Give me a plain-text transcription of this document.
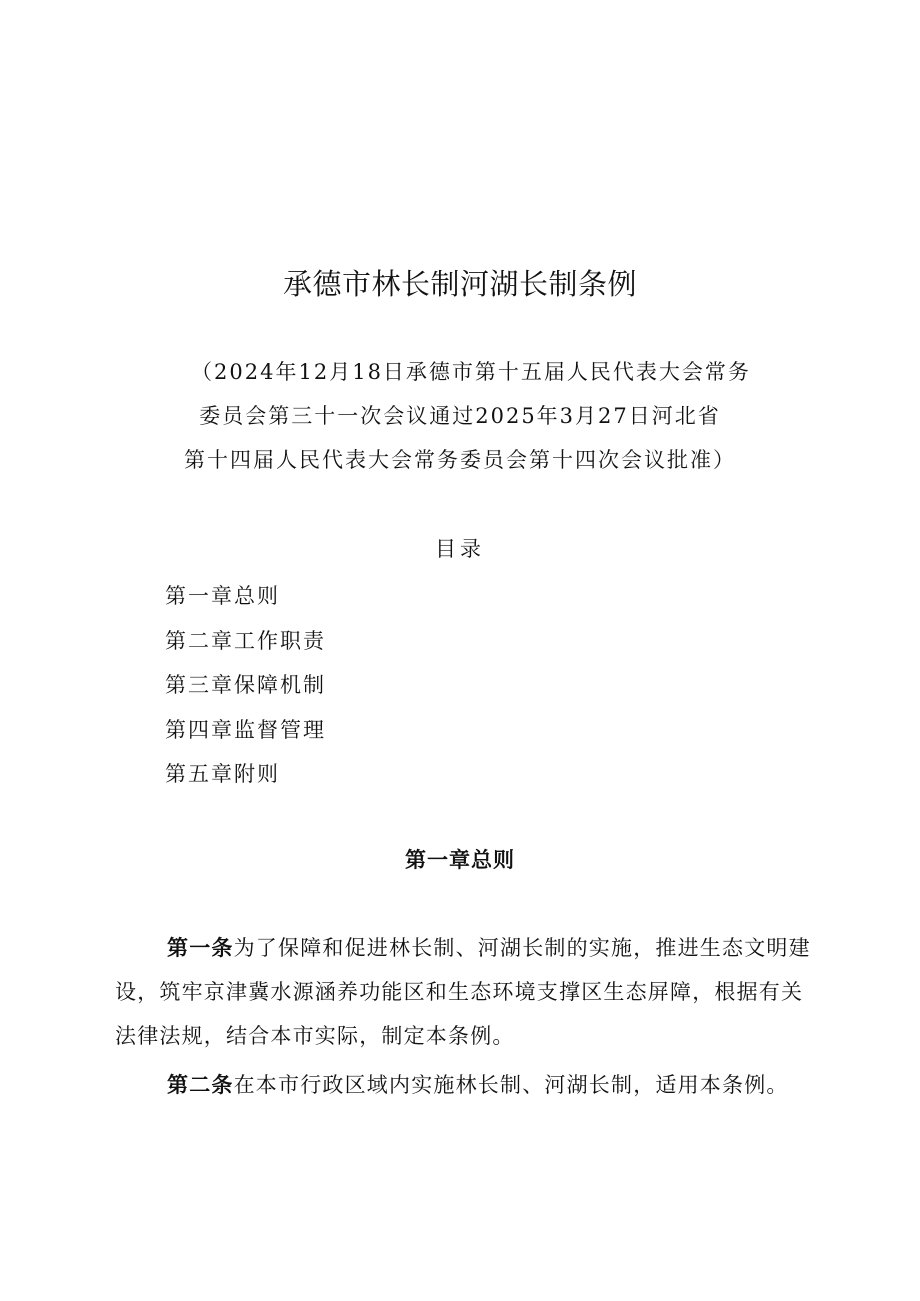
承德市林长制河湖长制条例
（2024年12月18日承德市第十五届人民代表大会常务
委员会第三十一次会议通过2025年3月27日河北省
第十四届人民代表大会常务委员会第十四次会议批准）
目录
第一章总则
第二章工作职责
第三章保障机制
第四章监督管理
第五章附则
第一章总则

第一条为了保障和促进林长制、河湖长制的实施，推进生态文明建设，筑牢京津冀水源涵养功能区和生态环境支撑区生态屏障，根据有关法律法规，结合本市实际，制定本条例。

第二条在本市行政区域内实施林长制、河湖长制，适用本条例。
